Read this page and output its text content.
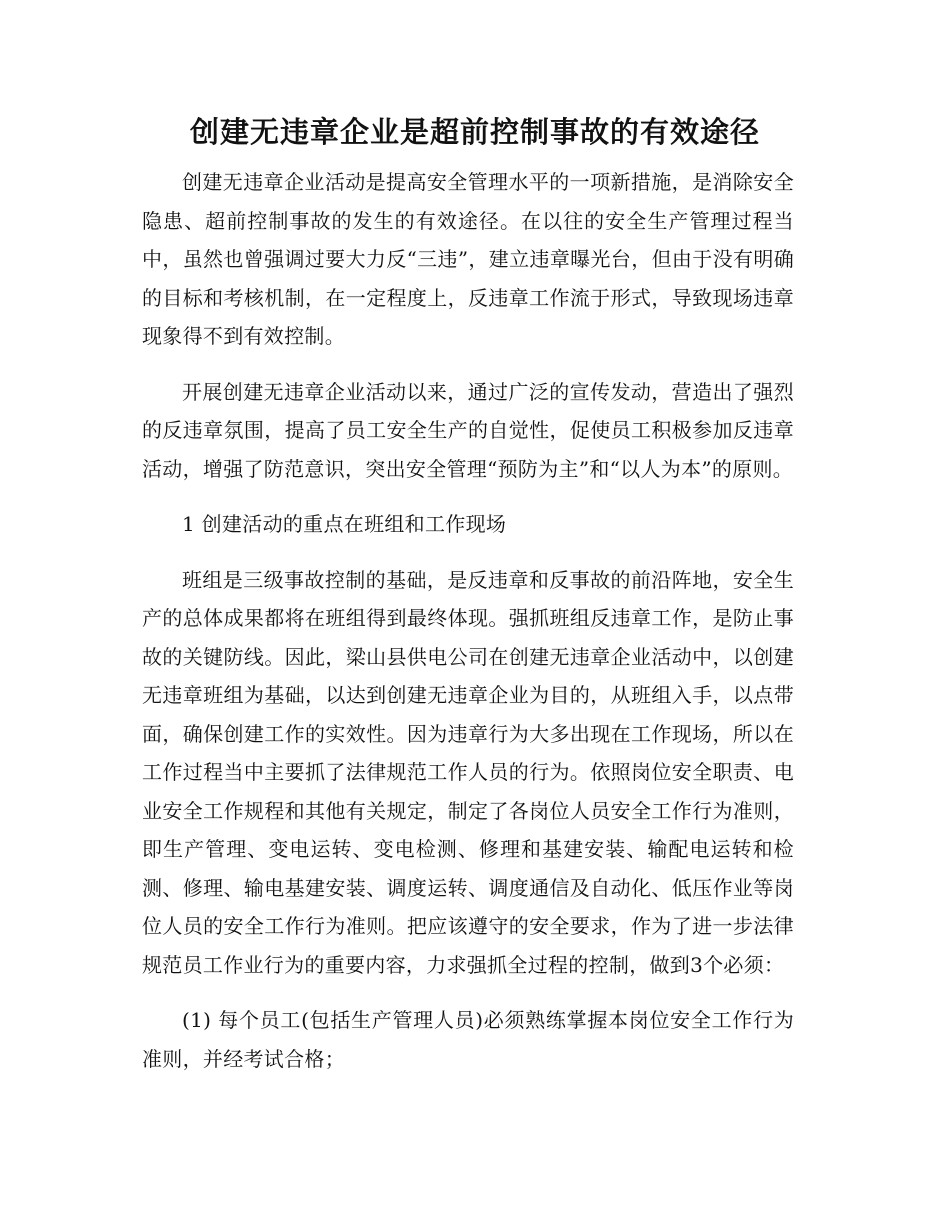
创建无违章企业是超前控制事故的有效途径

创建无违章企业活动是提高安全管理水平的一项新措施，是消除安全隐患、超前控制事故的发生的有效途径。在以往的安全生产管理过程当中，虽然也曾强调过要大力反“三违”，建立违章曝光台，但由于没有明确的目标和考核机制，在一定程度上，反违章工作流于形式，导致现场违章现象得不到有效控制。

开展创建无违章企业活动以来，通过广泛的宣传发动，营造出了强烈的反违章氛围，提高了员工安全生产的自觉性，促使员工积极参加反违章活动，增强了防范意识，突出安全管理“预防为主”和“以人为本”的原则。

1 创建活动的重点在班组和工作现场

班组是三级事故控制的基础，是反违章和反事故的前沿阵地，安全生产的总体成果都将在班组得到最终体现。强抓班组反违章工作，是防止事故的关键防线。因此，梁山县供电公司在创建无违章企业活动中，以创建无违章班组为基础，以达到创建无违章企业为目的，从班组入手，以点带面，确保创建工作的实效性。因为违章行为大多出现在工作现场，所以在工作过程当中主要抓了法律规范工作人员的行为。依照岗位安全职责、电业安全工作规程和其他有关规定，制定了各岗位人员安全工作行为准则，即生产管理、变电运转、变电检测、修理和基建安装、输配电运转和检测、修理、输电基建安装、调度运转、调度通信及自动化、低压作业等岗位人员的安全工作行为准则。把应该遵守的安全要求，作为了进一步法律规范员工作业行为的重要内容，力求强抓全过程的控制，做到3个必须：

(1) 每个员工(包括生产管理人员)必须熟练掌握本岗位安全工作行为准则，并经考试合格；
